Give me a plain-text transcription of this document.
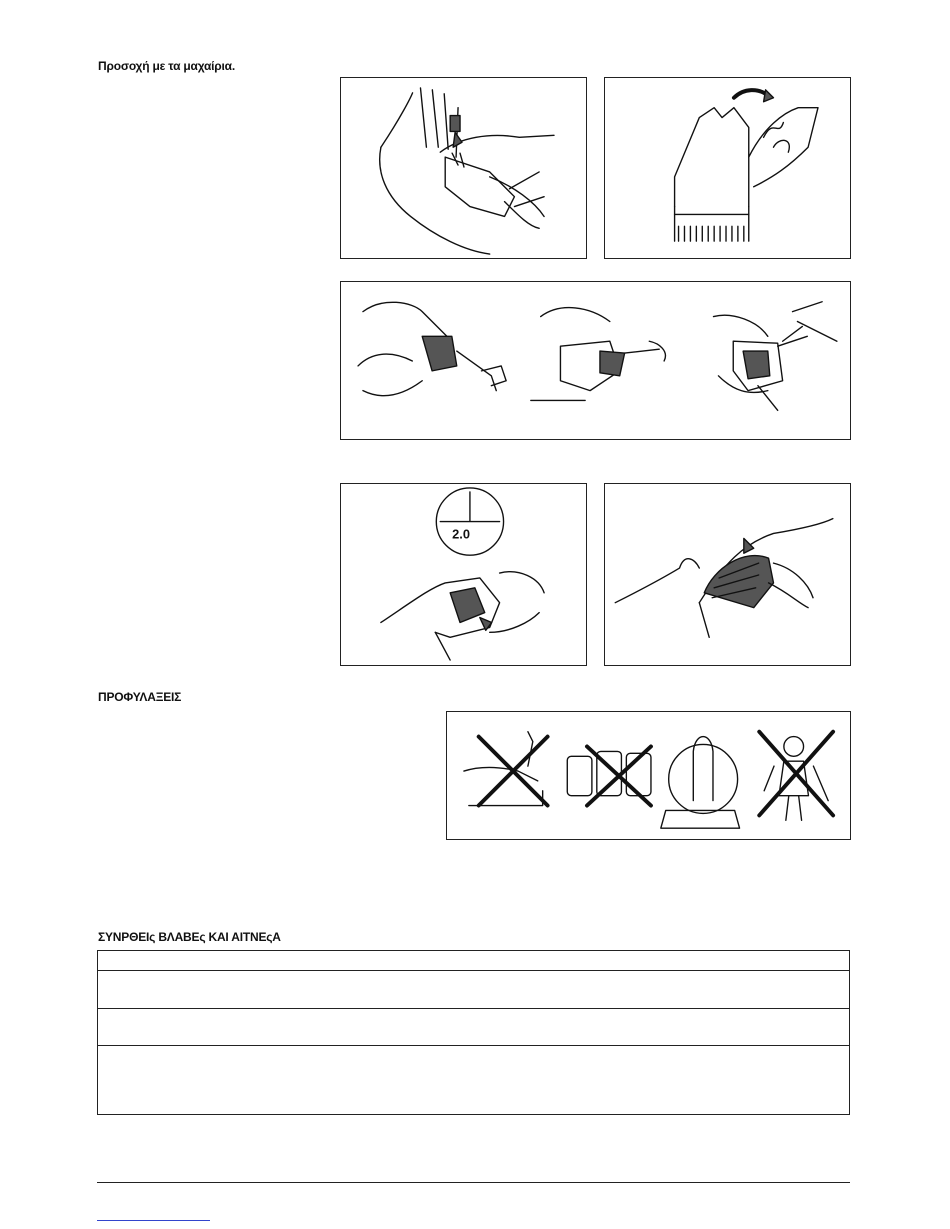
Προσοχή με τα μαχαίρια.
2.0
ΠΡΟΦΥΛΑΞΕΙΣ
ΣΥΝΡΘΕΙς ΒΛΑΒΕς ΚΑΙ ΑΙΤΝΕςΑ
